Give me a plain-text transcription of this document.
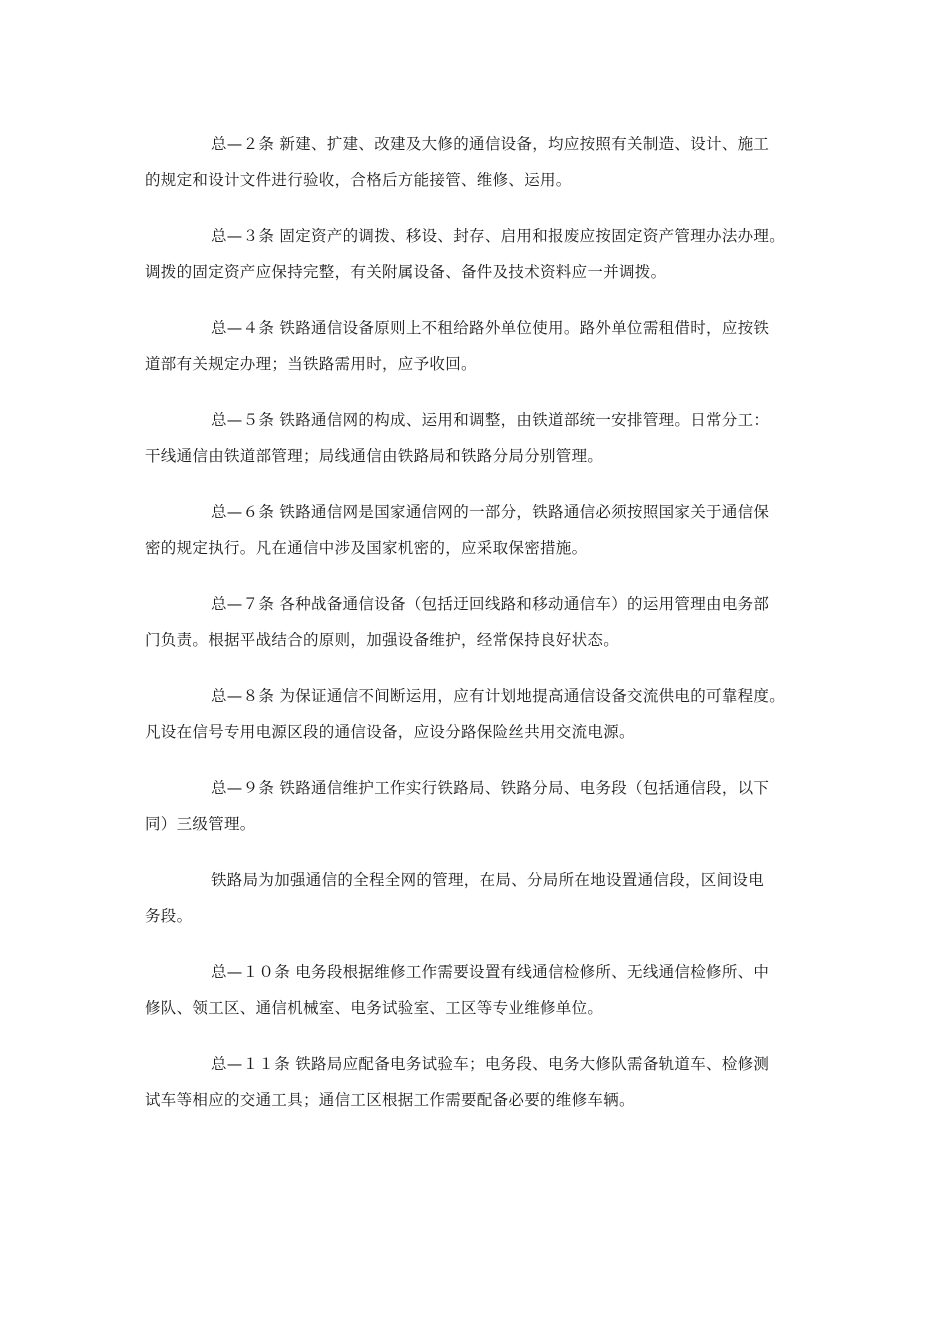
总—２条 新建、扩建、改建及大修的通信设备，均应按照有关制造、设计、施工
的规定和设计文件进行验收，合格后方能接管、维修、运用。

总—３条 固定资产的调拨、移设、封存、启用和报废应按固定资产管理办法办理。
调拨的固定资产应保持完整，有关附属设备、备件及技术资料应一并调拨。

总—４条 铁路通信设备原则上不租给路外单位使用。路外单位需租借时，应按铁
道部有关规定办理；当铁路需用时，应予收回。

总—５条 铁路通信网的构成、运用和调整，由铁道部统一安排管理。日常分工：
干线通信由铁道部管理；局线通信由铁路局和铁路分局分别管理。

总—６条 铁路通信网是国家通信网的一部分，铁路通信必须按照国家关于通信保
密的规定执行。凡在通信中涉及国家机密的，应采取保密措施。

总—７条 各种战备通信设备（包括迂回线路和移动通信车）的运用管理由电务部
门负责。根据平战结合的原则，加强设备维护，经常保持良好状态。

总—８条 为保证通信不间断运用，应有计划地提高通信设备交流供电的可靠程度。
凡设在信号专用电源区段的通信设备，应设分路保险丝共用交流电源。

总—９条 铁路通信维护工作实行铁路局、铁路分局、电务段（包括通信段，以下
同）三级管理。

铁路局为加强通信的全程全网的管理，在局、分局所在地设置通信段，区间设电
务段。

总—１０条 电务段根据维修工作需要设置有线通信检修所、无线通信检修所、中
修队、领工区、通信机械室、电务试验室、工区等专业维修单位。

总—１１条 铁路局应配备电务试验车；电务段、电务大修队需备轨道车、检修测
试车等相应的交通工具；通信工区根据工作需要配备必要的维修车辆。
